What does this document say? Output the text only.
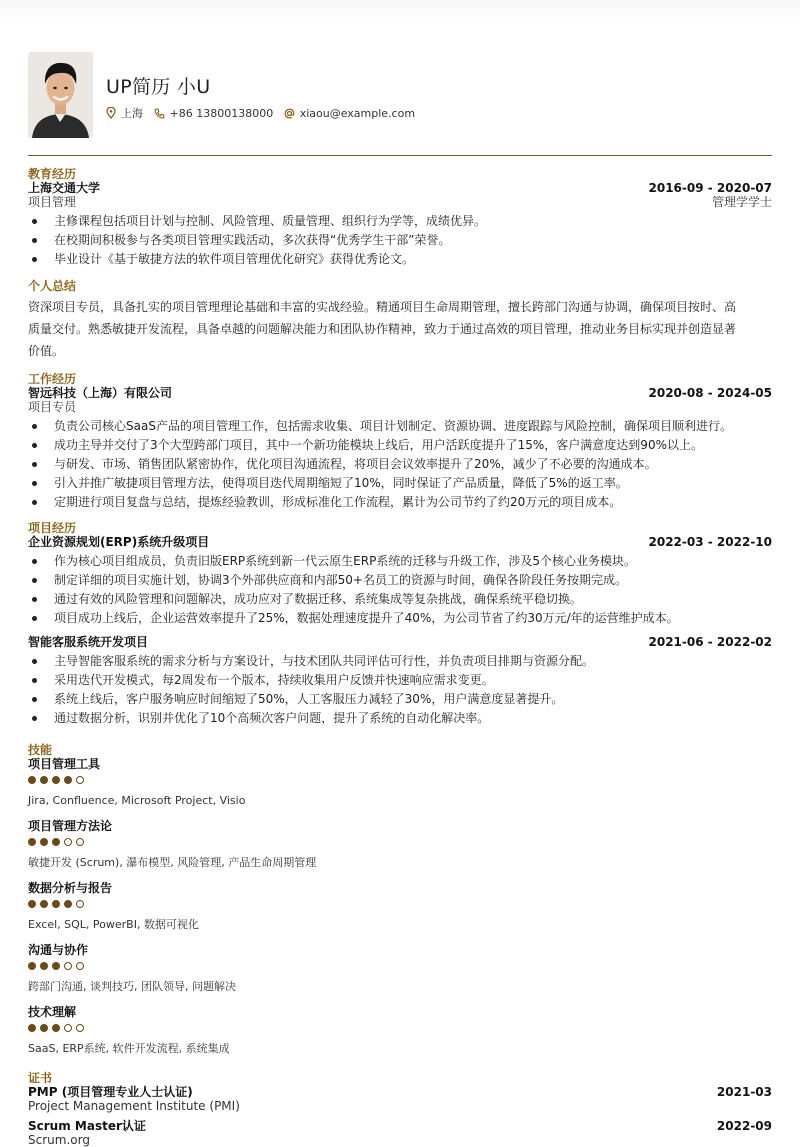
UP简历 小U
上海
+86 13800138000
xiaou@example.com
教育经历
上海交通大学	2016-09 - 2020-07
项目管理	管理学学士
主修课程包括项目计划与控制、风险管理、质量管理、组织行为学等，成绩优异。
在校期间积极参与各类项目管理实践活动，多次获得“优秀学生干部”荣誉。
毕业设计《基于敏捷方法的软件项目管理优化研究》获得优秀论文。
个人总结
资深项目专员，具备扎实的项目管理理论基础和丰富的实战经验。精通项目生命周期管理，擅长跨部门沟通与协调，确保项目按时、高
质量交付。熟悉敏捷开发流程，具备卓越的问题解决能力和团队协作精神，致力于通过高效的项目管理，推动业务目标实现并创造显著
价值。
工作经历
智远科技（上海）有限公司	2020-08 - 2024-05
项目专员
负责公司核心SaaS产品的项目管理工作，包括需求收集、项目计划制定、资源协调、进度跟踪与风险控制，确保项目顺利进行。
成功主导并交付了3个大型跨部门项目，其中一个新功能模块上线后，用户活跃度提升了15%，客户满意度达到90%以上。
与研发、市场、销售团队紧密协作，优化项目沟通流程，将项目会议效率提升了20%，减少了不必要的沟通成本。
引入并推广敏捷项目管理方法，使得项目迭代周期缩短了10%，同时保证了产品质量，降低了5%的返工率。
定期进行项目复盘与总结，提炼经验教训，形成标准化工作流程，累计为公司节约了约20万元的项目成本。
项目经历
企业资源规划(ERP)系统升级项目	2022-03 - 2022-10
作为核心项目组成员，负责旧版ERP系统到新一代云原生ERP系统的迁移与升级工作，涉及5个核心业务模块。
制定详细的项目实施计划，协调3个外部供应商和内部50+名员工的资源与时间，确保各阶段任务按期完成。
通过有效的风险管理和问题解决，成功应对了数据迁移、系统集成等复杂挑战，确保系统平稳切换。
项目成功上线后，企业运营效率提升了25%，数据处理速度提升了40%，为公司节省了约30万元/年的运营维护成本。
智能客服系统开发项目	2021-06 - 2022-02
主导智能客服系统的需求分析与方案设计，与技术团队共同评估可行性，并负责项目排期与资源分配。
采用迭代开发模式，每2周发布一个版本，持续收集用户反馈并快速响应需求变更。
系统上线后，客户服务响应时间缩短了50%，人工客服压力减轻了30%，用户满意度显著提升。
通过数据分析，识别并优化了10个高频次客户问题，提升了系统的自动化解决率。
技能
项目管理工具
Jira, Confluence, Microsoft Project, Visio
项目管理方法论
敏捷开发 (Scrum), 瀑布模型, 风险管理, 产品生命周期管理
数据分析与报告
Excel, SQL, PowerBI, 数据可视化
沟通与协作
跨部门沟通, 谈判技巧, 团队领导, 问题解决
技术理解
SaaS, ERP系统, 软件开发流程, 系统集成
证书
PMP (项目管理专业人士认证)	2021-03
Project Management Institute (PMI)
Scrum Master认证	2022-09
Scrum.org
